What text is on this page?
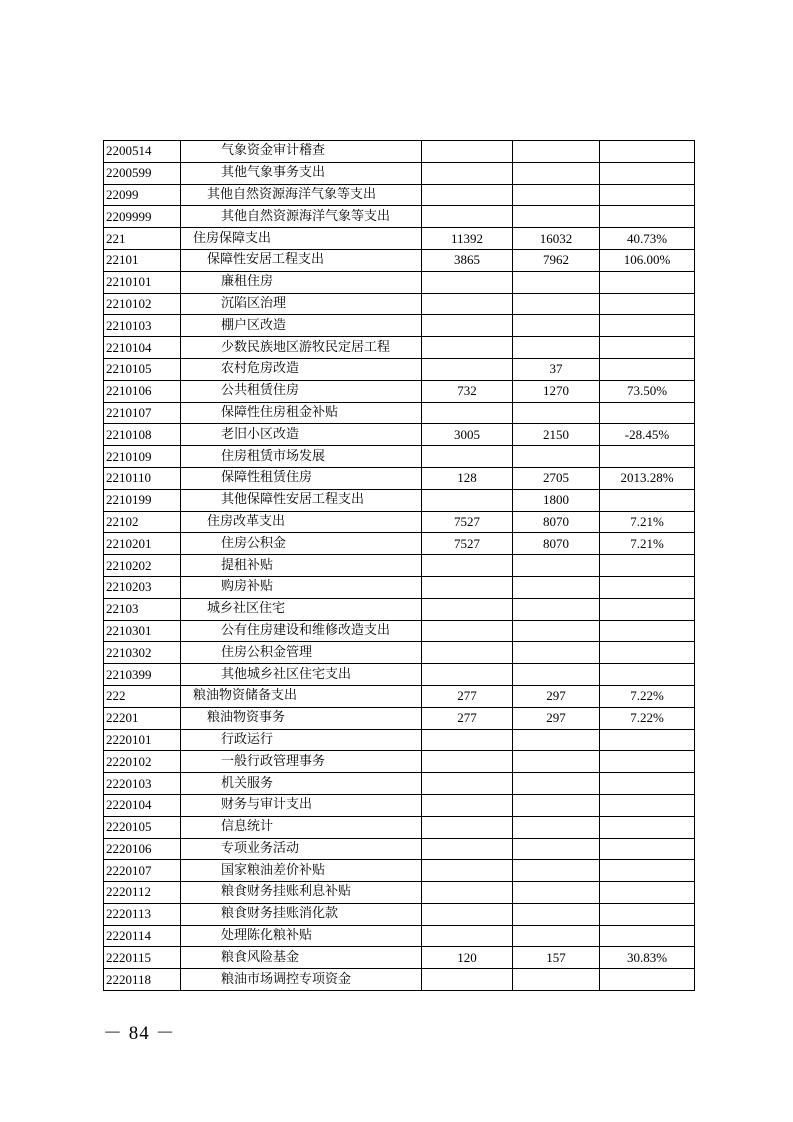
2200514	气象资金审计稽查			
2200599	其他气象事务支出			
22099	其他自然资源海洋气象等支出			
2209999	其他自然资源海洋气象等支出			
221	住房保障支出	11392	16032	40.73%
22101	保障性安居工程支出	3865	7962	106.00%
2210101	廉租住房			
2210102	沉陷区治理			
2210103	棚户区改造			
2210104	少数民族地区游牧民定居工程			
2210105	农村危房改造		37	
2210106	公共租赁住房	732	1270	73.50%
2210107	保障性住房租金补贴			
2210108	老旧小区改造	3005	2150	-28.45%
2210109	住房租赁市场发展			
2210110	保障性租赁住房	128	2705	2013.28%
2210199	其他保障性安居工程支出		1800	
22102	住房改革支出	7527	8070	7.21%
2210201	住房公积金	7527	8070	7.21%
2210202	提租补贴			
2210203	购房补贴			
22103	城乡社区住宅			
2210301	公有住房建设和维修改造支出			
2210302	住房公积金管理			
2210399	其他城乡社区住宅支出			
222	粮油物资储备支出	277	297	7.22%
22201	粮油物资事务	277	297	7.22%
2220101	行政运行			
2220102	一般行政管理事务			
2220103	机关服务			
2220104	财务与审计支出			
2220105	信息统计			
2220106	专项业务活动			
2220107	国家粮油差价补贴			
2220112	粮食财务挂账利息补贴			
2220113	粮食财务挂账消化款			
2220114	处理陈化粮补贴			
2220115	粮食风险基金	120	157	30.83%
2220118	粮油市场调控专项资金			
－ 84 －
